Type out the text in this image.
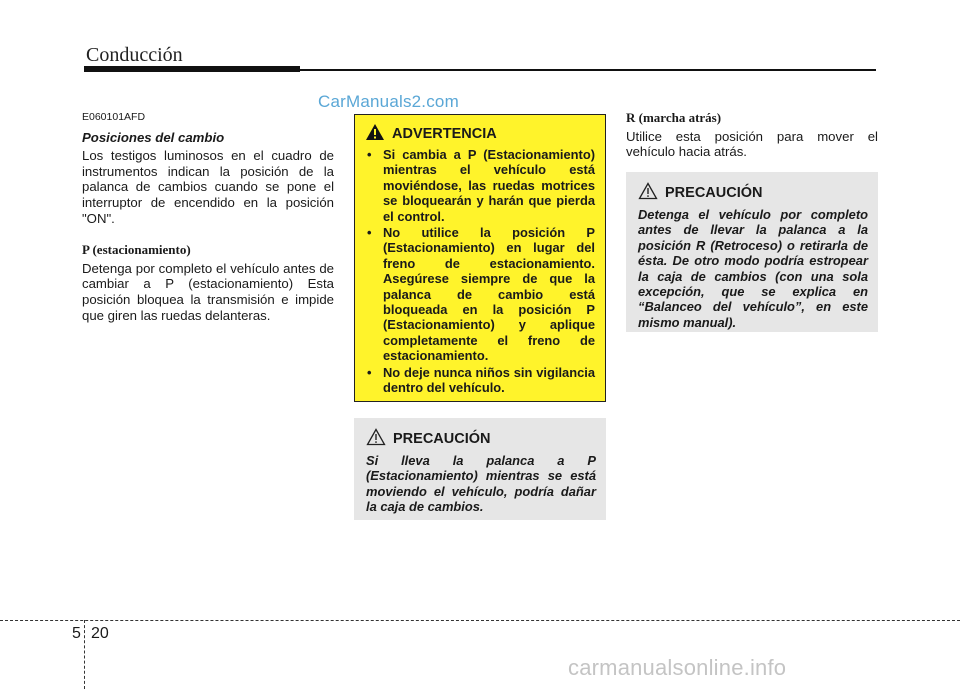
Conducción
CarManuals2.com
E060101AFD
Posiciones del cambio

Los testigos luminosos en el cuadro de instrumentos indican la posición de la palanca de cambios cuando se pone el interruptor de encendido en la posición "ON".

P (estacionamiento)

Detenga por completo el vehículo antes de cambiar a P (estacionamiento) Esta posición bloquea la transmisión e impide que giren las ruedas delanteras.

ADVERTENCIA
• Si cambia a P (Estacionamiento) mientras el vehículo está moviéndose, las ruedas motrices se bloquearán y harán que pierda el control.
• No utilice la posición P (Estacionamiento) en lugar del freno de estacionamiento. Asegúrese siempre de que la palanca de cambio está bloqueada en la posición P (Estacionamiento) y aplique completamente el freno de estacionamiento.
• No deje nunca niños sin vigilancia dentro del vehículo.
PRECAUCIÓN
Si lleva la palanca a P (Estacionamiento) mientras se está moviendo el vehículo, podría dañar la caja de cambios.
R (marcha atrás)

Utilice esta posición para mover el vehículo hacia atrás.

PRECAUCIÓN
Detenga el vehículo por completo antes de llevar la palanca a la posición R (Retroceso) o retirarla de ésta. De otro modo podría estropear la caja de cambios (con una sola excepción, que se explica en “Balanceo del vehículo”, en este mismo manual).
5 20
carmanualsonline.info
